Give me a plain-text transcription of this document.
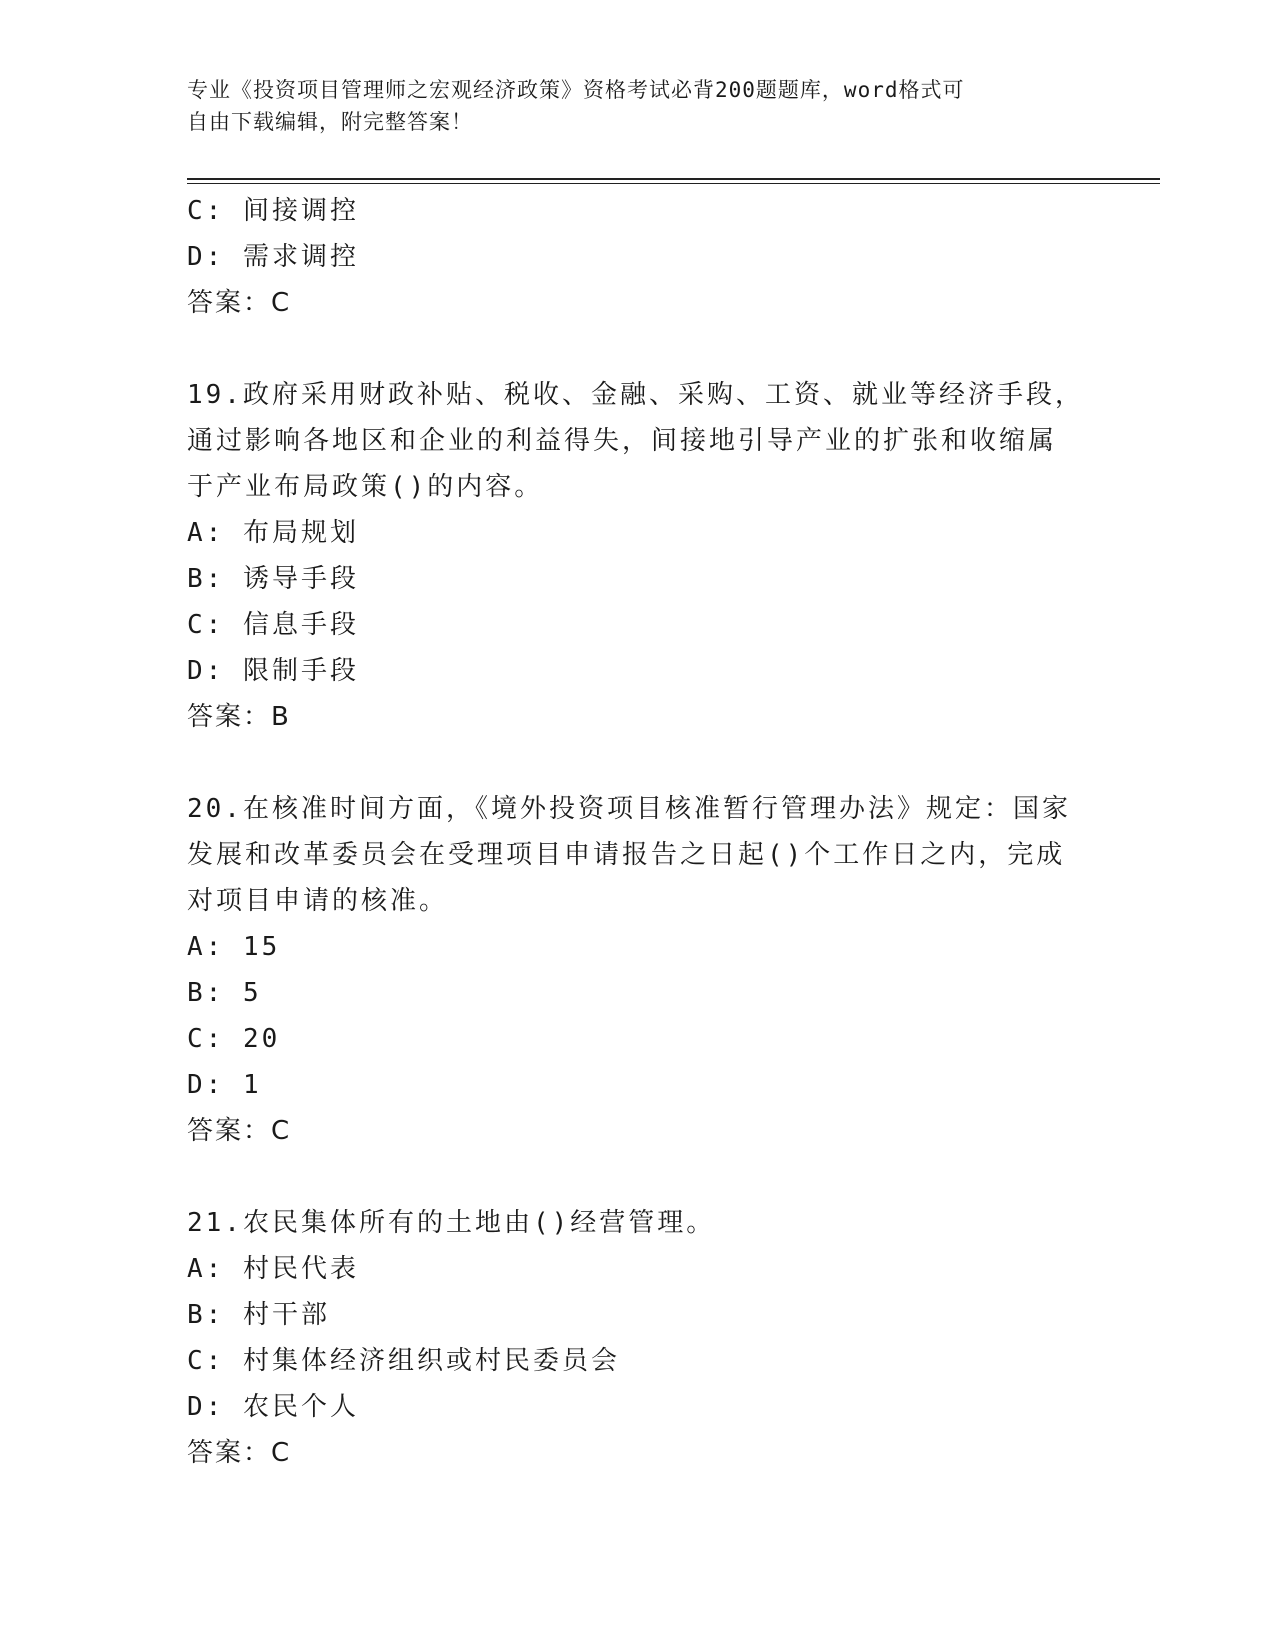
专业《投资项目管理师之宏观经济政策》资格考试必背200题题库，word格式可
自由下载编辑，附完整答案！
C: 间接调控
D: 需求调控
答案：C
19.政府采用财政补贴、税收、金融、采购、工资、就业等经济手段，
通过影响各地区和企业的利益得失，间接地引导产业的扩张和收缩属
于产业布局政策()的内容。
A: 布局规划
B: 诱导手段
C: 信息手段
D: 限制手段
答案：B
20.在核准时间方面，《境外投资项目核准暂行管理办法》规定：国家
发展和改革委员会在受理项目申请报告之日起()个工作日之内，完成
对项目申请的核准。
A: 15
B: 5
C: 20
D: 1
答案：C
21.农民集体所有的土地由()经营管理。
A: 村民代表
B: 村干部
C: 村集体经济组织或村民委员会
D: 农民个人
答案：C
